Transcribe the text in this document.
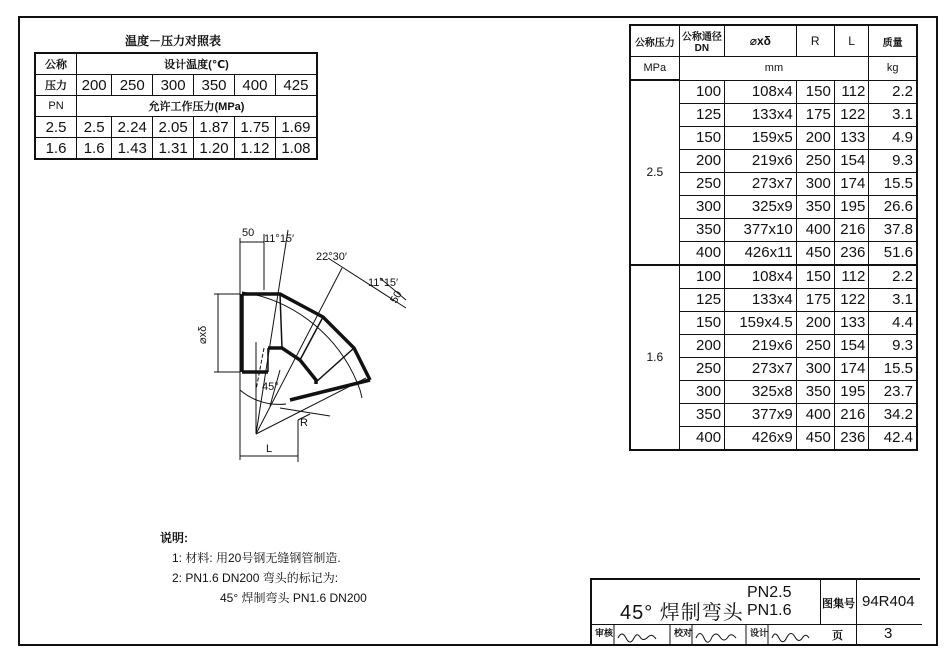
温度－压力对照表
公称	设计温度(℃)					
压力	200	250	300	350	400	425
PN	允许工作压力(MPa)					
2.5	2.5	2.24	2.05	1.87	1.75	1.69
1.6	1.6	1.43	1.31	1.20	1.12	1.08
公称压力	公称通径 DN	⌀xδ	R	L	质量
MPa	mm				kg
2.5	100	108x4	150	112	2.2
	125	133x4	175	122	3.1
	150	159x5	200	133	4.9
	200	219x6	250	154	9.3
	250	273x7	300	174	15.5
	300	325x9	350	195	26.6
	350	377x10	400	216	37.8
	400	426x11	450	236	51.6
1.6	100	108x4	150	112	2.2
	125	133x4	175	122	3.1
	150	159x4.5	200	133	4.4
	200	219x6	250	154	9.3
	250	273x7	300	174	15.5
	300	325x8	350	195	23.7
	350	377x9	400	216	34.2
	400	426x9	450	236	42.4
50 11°15′
22°30′
11°15′
50
⌀xδ
45°
R
L
说明:
1: 材料: 用20号钢无缝钢管制造.
2: PN1.6 DN200 弯头的标记为:
45° 焊制弯头 PN1.6 DN200
45° 焊制弯头
PN2.5
PN1.6	图集号 94R404
页	3
审核	校对	设计
